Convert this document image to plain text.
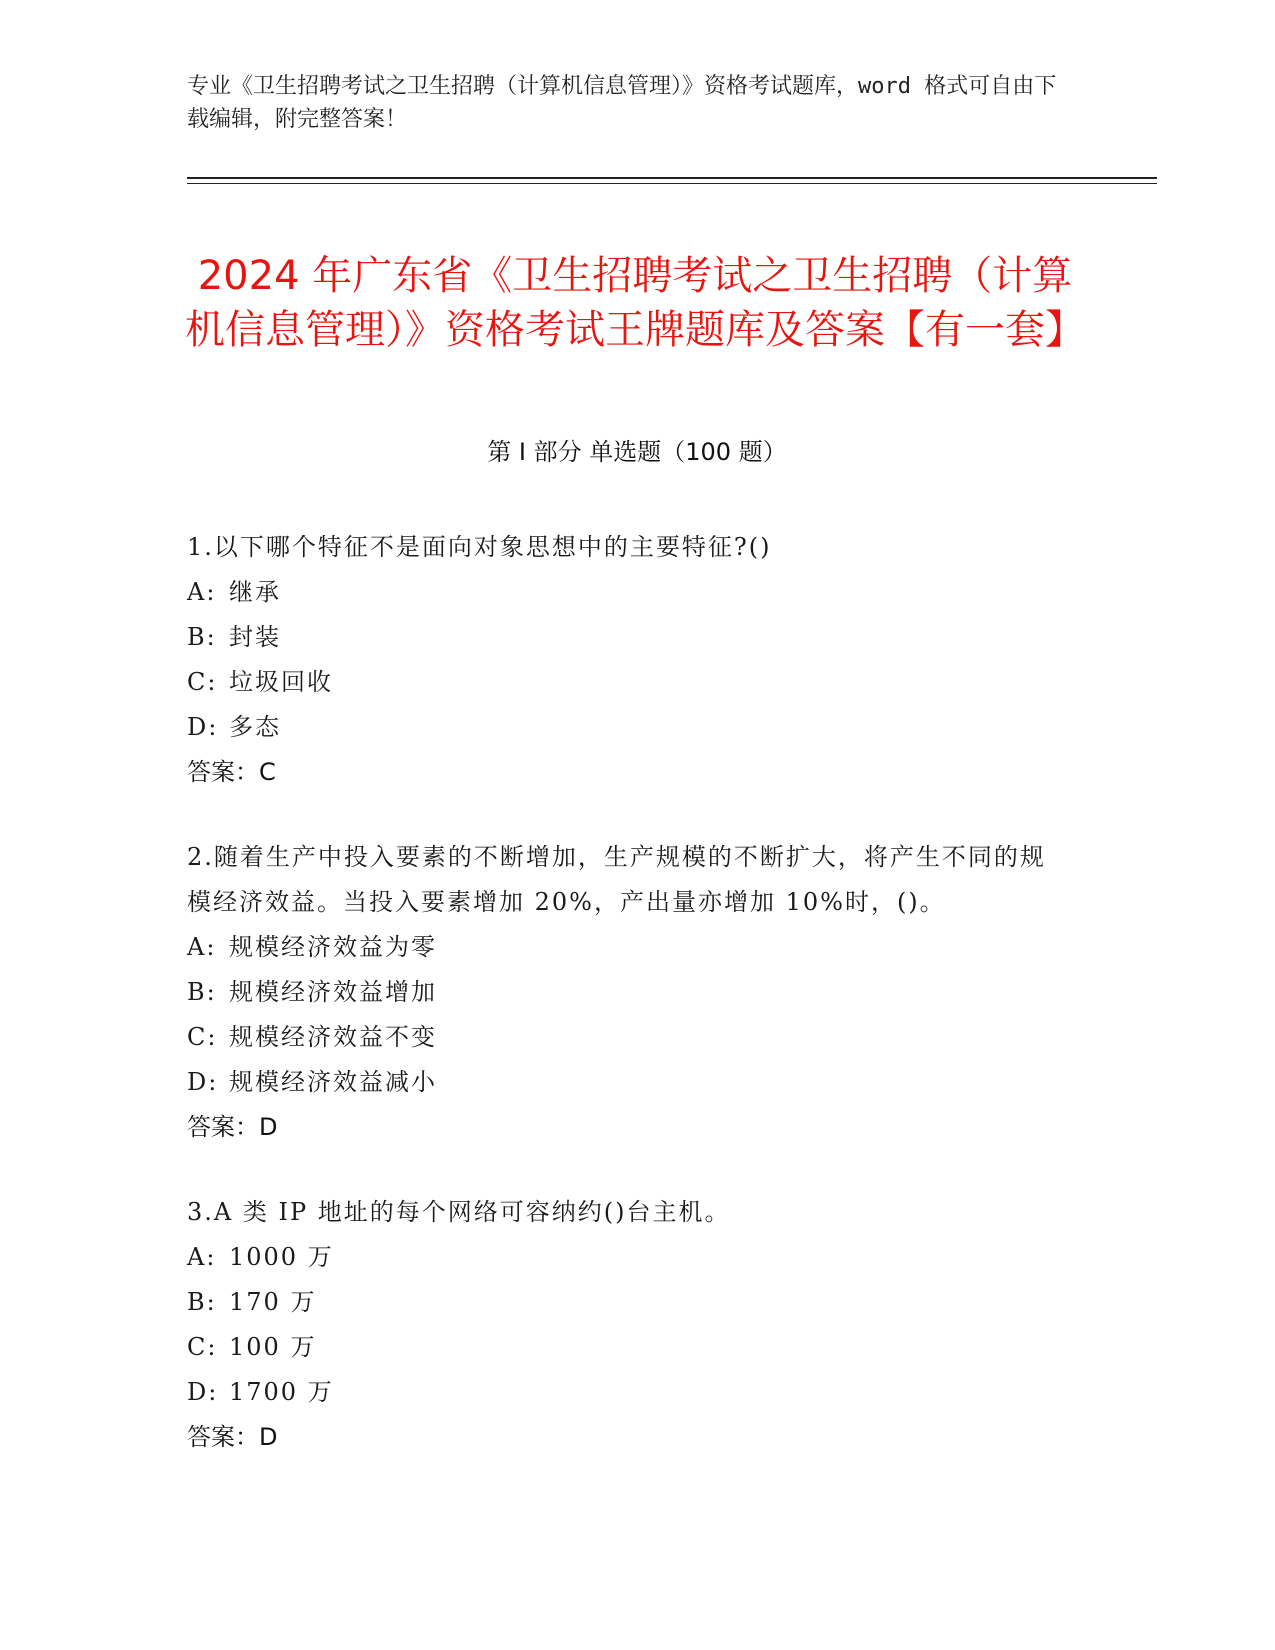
专业《卫生招聘考试之卫生招聘（计算机信息管理）》资格考试题库，word 格式可自由下载编辑，附完整答案！
2024 年广东省《卫生招聘考试之卫生招聘（计算机信息管理）》资格考试王牌题库及答案【有一套】
第 I 部分 单选题（100 题）
1.以下哪个特征不是面向对象思想中的主要特征?()
A: 继承
B: 封装
C: 垃圾回收
D: 多态
答案：C
2.随着生产中投入要素的不断增加，生产规模的不断扩大，将产生不同的规模经济效益。当投入要素增加 20%，产出量亦增加 10%时，()。
A: 规模经济效益为零
B: 规模经济效益增加
C: 规模经济效益不变
D: 规模经济效益减小
答案：D
3.A 类 IP 地址的每个网络可容纳约()台主机。
A: 1000 万
B: 170 万
C: 100 万
D: 1700 万
答案：D
